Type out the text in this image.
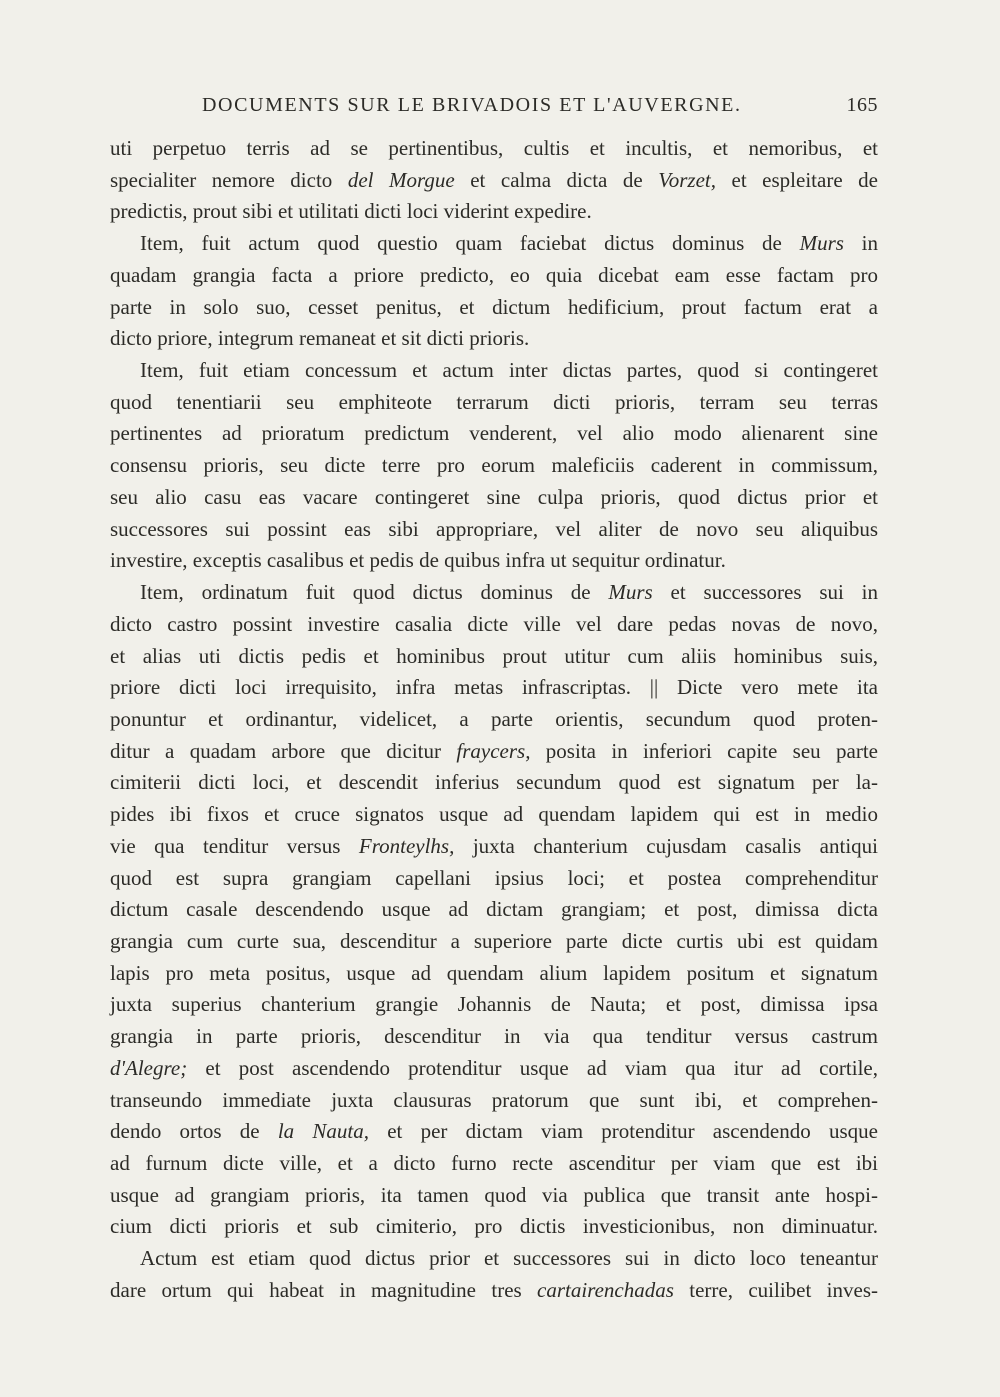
DOCUMENTS SUR LE BRIVADOIS ET L'AUVERGNE.	165
uti perpetuo terris ad se pertinentibus, cultis et incultis, et nemoribus, et
specialiter nemore dicto del Morgue et calma dicta de Vorzet, et espleitare de
predictis, prout sibi et utilitati dicti loci viderint expedire.
Item, fuit actum quod questio quam faciebat dictus dominus de Murs in
quadam grangia facta a priore predicto, eo quia dicebat eam esse factam pro
parte in solo suo, cesset penitus, et dictum hedificium, prout factum erat a
dicto priore, integrum remaneat et sit dicti prioris.
Item, fuit etiam concessum et actum inter dictas partes, quod si contingeret
quod tenentiarii seu emphiteote terrarum dicti prioris, terram seu terras
pertinentes ad prioratum predictum venderent, vel alio modo alienarent sine
consensu prioris, seu dicte terre pro eorum maleficiis caderent in commissum,
seu alio casu eas vacare contingeret sine culpa prioris, quod dictus prior et
successores sui possint eas sibi appropriare, vel aliter de novo seu aliquibus
investire, exceptis casalibus et pedis de quibus infra ut sequitur ordinatur.
Item, ordinatum fuit quod dictus dominus de Murs et successores sui in
dicto castro possint investire casalia dicte ville vel dare pedas novas de novo,
et alias uti dictis pedis et hominibus prout utitur cum aliis hominibus suis,
priore dicti loci irrequisito, infra metas infrascriptas. || Dicte vero mete ita
ponuntur et ordinantur, videlicet, a parte orientis, secundum quod proten-
ditur a quadam arbore que dicitur fraycers, posita in inferiori capite seu parte
cimiterii dicti loci, et descendit inferius secundum quod est signatum per la-
pides ibi fixos et cruce signatos usque ad quendam lapidem qui est in medio
vie qua tenditur versus Fronteylhs, juxta chanterium cujusdam casalis antiqui
quod est supra grangiam capellani ipsius loci; et postea comprehenditur
dictum casale descendendo usque ad dictam grangiam; et post, dimissa dicta
grangia cum curte sua, descenditur a superiore parte dicte curtis ubi est quidam
lapis pro meta positus, usque ad quendam alium lapidem positum et signatum
juxta superius chanterium grangie Johannis de Nauta; et post, dimissa ipsa
grangia in parte prioris, descenditur in via qua tenditur versus castrum
d'Alegre; et post ascendendo protenditur usque ad viam qua itur ad cortile,
transeundo immediate juxta clausuras pratorum que sunt ibi, et comprehen-
dendo ortos de la Nauta, et per dictam viam protenditur ascendendo usque
ad furnum dicte ville, et a dicto furno recte ascenditur per viam que est ibi
usque ad grangiam prioris, ita tamen quod via publica que transit ante hospi-
cium dicti prioris et sub cimiterio, pro dictis investicionibus, non diminuatur.
Actum est etiam quod dictus prior et successores sui in dicto loco teneantur
dare ortum qui habeat in magnitudine tres cartairenchadas terre, cuilibet inves-
